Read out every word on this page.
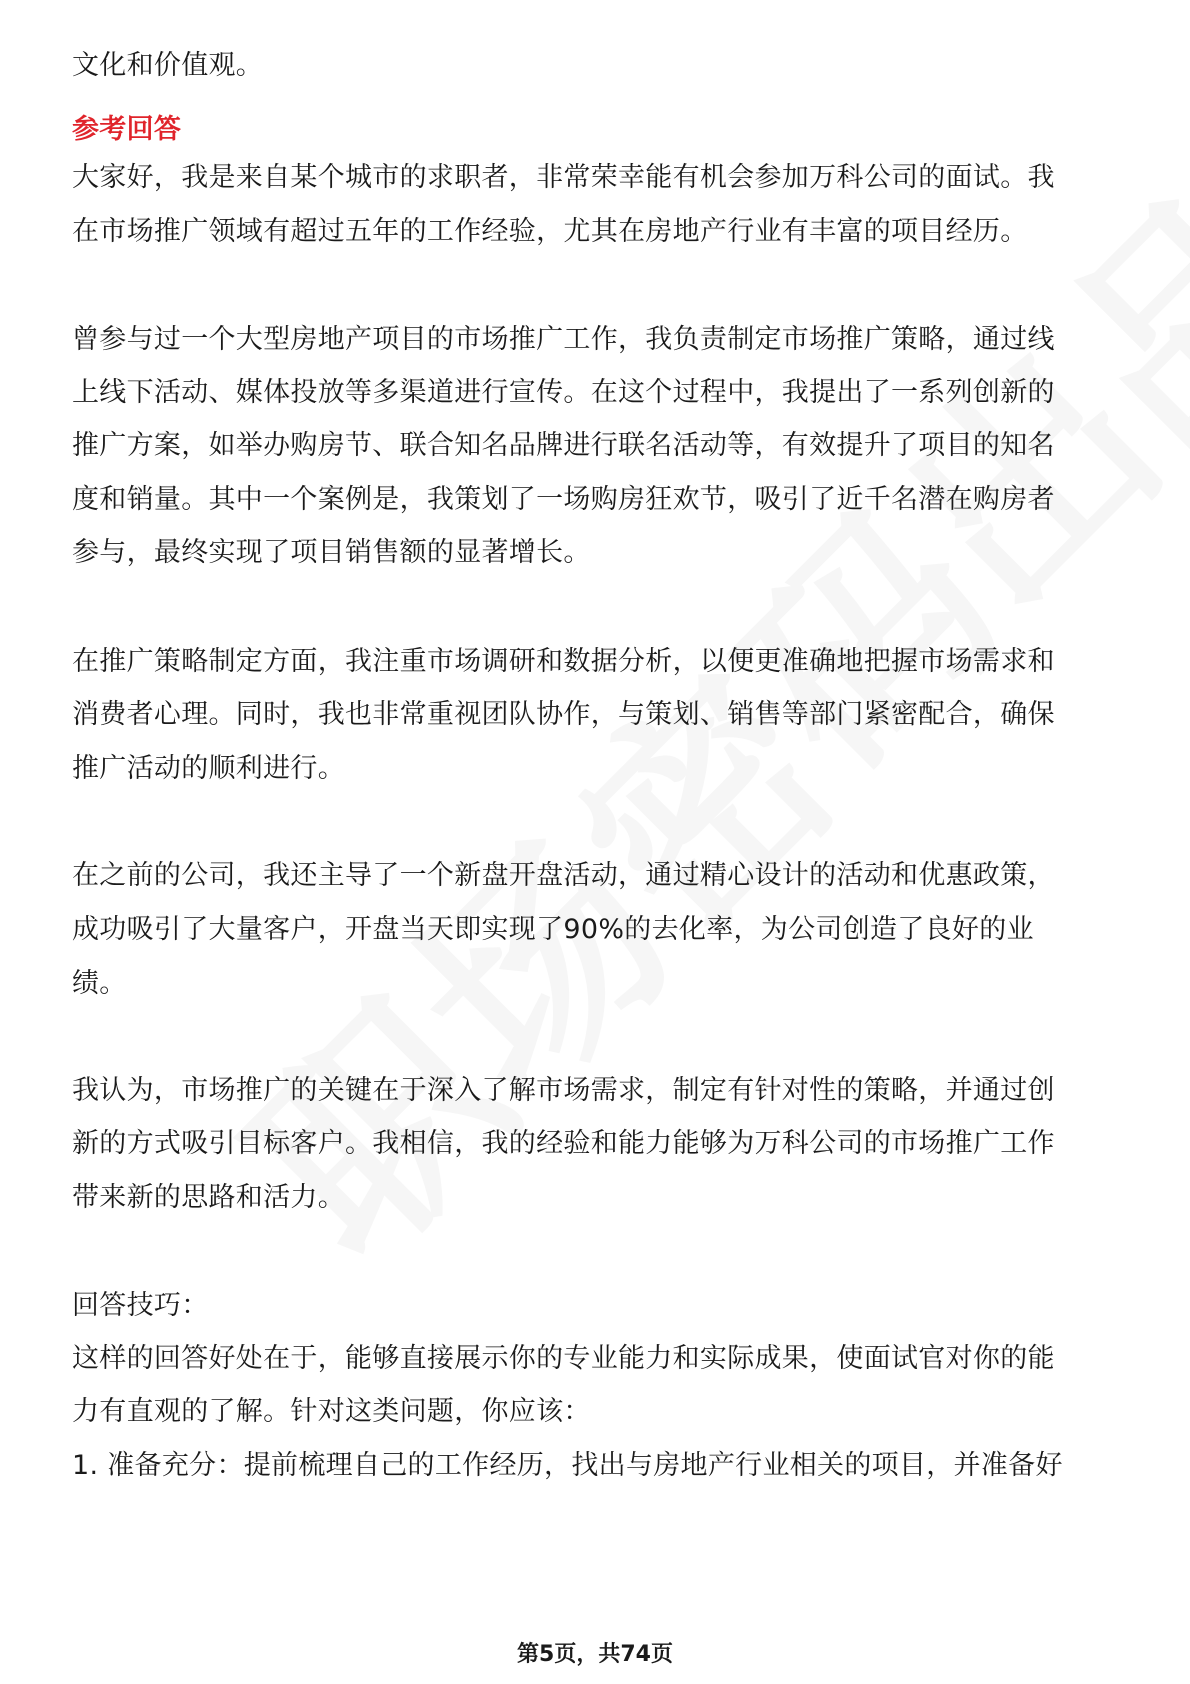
文化和价值观。
参考回答
大家好，我是来自某个城市的求职者，非常荣幸能有机会参加万科公司的面试。我
在市场推广领域有超过五年的工作经验，尤其在房地产行业有丰富的项目经历。
曾参与过一个大型房地产项目的市场推广工作，我负责制定市场推广策略，通过线
上线下活动、媒体投放等多渠道进行宣传。在这个过程中，我提出了一系列创新的
推广方案，如举办购房节、联合知名品牌进行联名活动等，有效提升了项目的知名
度和销量。其中一个案例是，我策划了一场购房狂欢节，吸引了近千名潜在购房者
参与，最终实现了项目销售额的显著增长。
在推广策略制定方面，我注重市场调研和数据分析，以便更准确地把握市场需求和
消费者心理。同时，我也非常重视团队协作，与策划、销售等部门紧密配合，确保
推广活动的顺利进行。
在之前的公司，我还主导了一个新盘开盘活动，通过精心设计的活动和优惠政策，
成功吸引了大量客户，开盘当天即实现了90%的去化率，为公司创造了良好的业
绩。
我认为，市场推广的关键在于深入了解市场需求，制定有针对性的策略，并通过创
新的方式吸引目标客户。我相信，我的经验和能力能够为万科公司的市场推广工作
带来新的思路和活力。
回答技巧：
这样的回答好处在于，能够直接展示你的专业能力和实际成果，使面试官对你的能
力有直观的了解。针对这类问题，你应该：
1. 准备充分：提前梳理自己的工作经历，找出与房地产行业相关的项目，并准备好
第5页，共74页
